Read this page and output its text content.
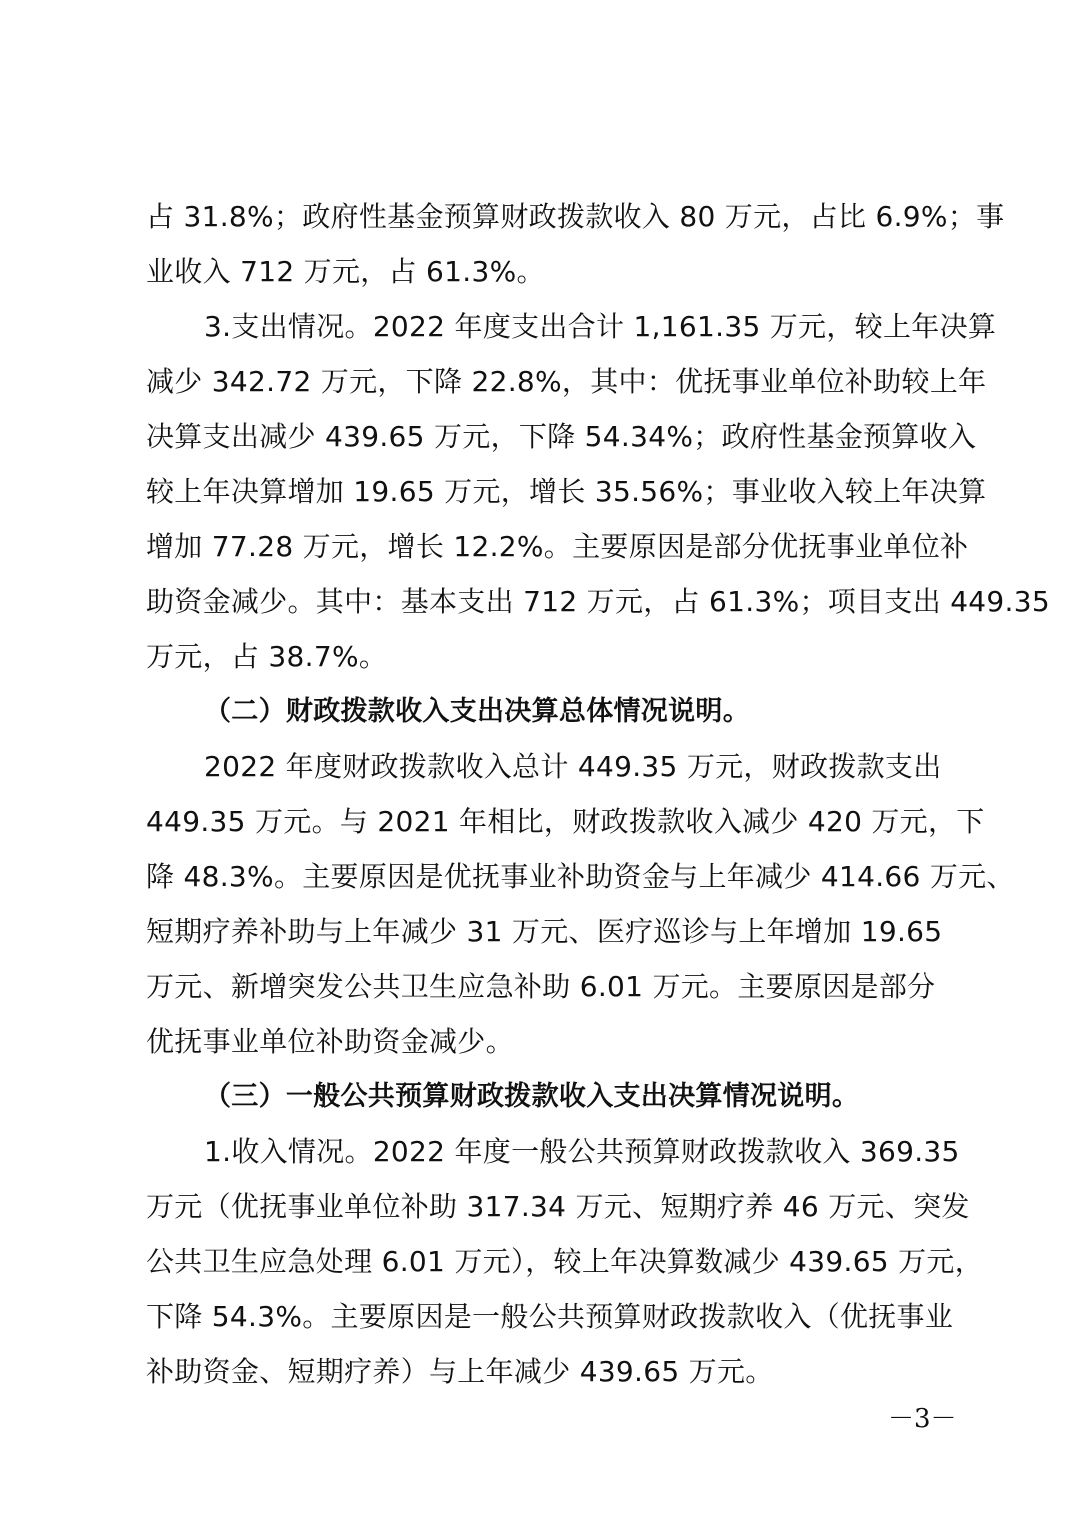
占 31.8%；政府性基金预算财政拨款收入 80 万元，占比 6.9%；事
业收入 712 万元，占 61.3%。
3.支出情况。2022 年度支出合计 1,161.35 万元，较上年决算
减少 342.72 万元，下降 22.8%，其中：优抚事业单位补助较上年
决算支出减少 439.65 万元，下降 54.34%；政府性基金预算收入
较上年决算增加 19.65 万元，增长 35.56%；事业收入较上年决算
增加 77.28 万元，增长 12.2%。主要原因是部分优抚事业单位补
助资金减少。其中：基本支出 712 万元，占 61.3%；项目支出 449.35
万元，占 38.7%。
（二）财政拨款收入支出决算总体情况说明。
2022 年度财政拨款收入总计 449.35 万元，财政拨款支出
449.35 万元。与 2021 年相比，财政拨款收入减少 420 万元，下
降 48.3%。主要原因是优抚事业补助资金与上年减少 414.66 万元、
短期疗养补助与上年减少 31 万元、医疗巡诊与上年增加 19.65
万元、新增突发公共卫生应急补助 6.01 万元。主要原因是部分
优抚事业单位补助资金减少。
（三）一般公共预算财政拨款收入支出决算情况说明。
1.收入情况。2022 年度一般公共预算财政拨款收入 369.35
万元（优抚事业单位补助 317.34 万元、短期疗养 46 万元、突发
公共卫生应急处理 6.01 万元），较上年决算数减少 439.65 万元，
下降 54.3%。主要原因是一般公共预算财政拨款收入（优抚事业
补助资金、短期疗养）与上年减少 439.65 万元。
－3－
